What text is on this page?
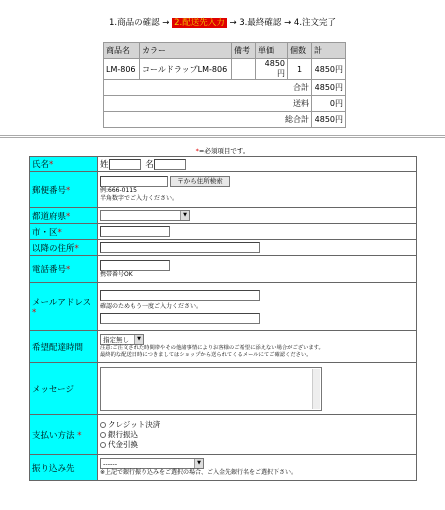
1.商品の確認 → 2.配送先入力 → 3.最終確認 → 4.注文完了
商品名	カラー	備考	単価	個数	計
LM-806	コールドラップLM-806		4850円	1	4850円
合計					4850円
送料					0円
総合計					4850円
*=必須項目です。
氏名*	姓 名
郵便番号*	〒から住所検索
例:666-0115
半角数字でご入力ください。

都道府県*	▼

市・区*	
以降の住所*	
電話番号*	携帯番号OK

メールアドレス*	確認のためもう一度ご入力ください。

希望配達時間	指定無し ▼
注意:ご注文された時間帯やその他諸事情によりお客様のご希望に添えない場合がございます。
最終的な配送日時につきましてはショップから送られてくるメールにてご確認ください。

メッセージ	

支払い方法 *	クレジット決済
銀行振込
代金引換

振り込み先	------ ▼
※上記で銀行振り込みをご選択の場合、ご入金先銀行名をご選択下さい。
